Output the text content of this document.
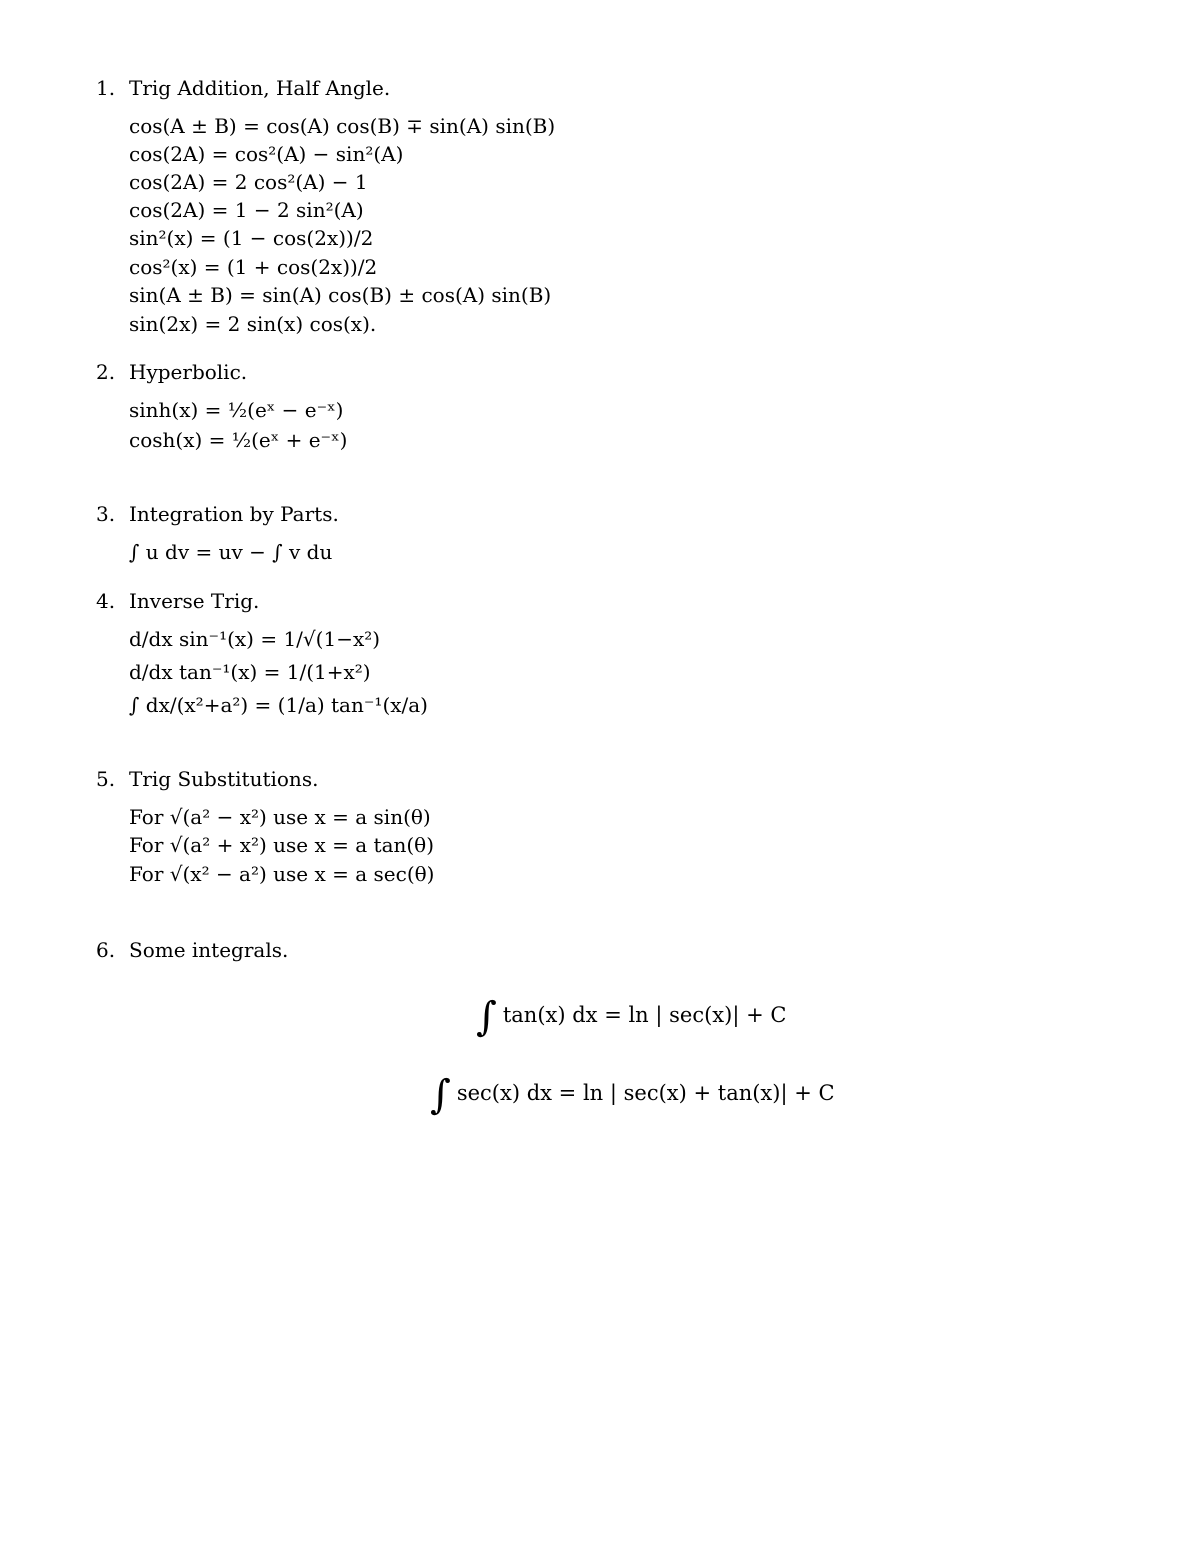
1. Trig Addition, Half Angle.
cos(A ± B) = cos(A) cos(B) ∓ sin(A) sin(B)
cos(2A) = cos²(A) − sin²(A)
cos(2A) = 2 cos²(A) − 1
cos(2A) = 1 − 2 sin²(A)
sin²(x) = (1 − cos(2x))/2
cos²(x) = (1 + cos(2x))/2
sin(A ± B) = sin(A) cos(B) ± cos(A) sin(B)
sin(2x) = 2 sin(x) cos(x).
2. Hyperbolic.
sinh(x) = ½(eˣ − e⁻ˣ)
cosh(x) = ½(eˣ + e⁻ˣ)
3. Integration by Parts.
∫ u dv = uv − ∫ v du
4. Inverse Trig.
d/dx sin⁻¹(x) = 1/√(1−x²)
d/dx tan⁻¹(x) = 1/(1+x²)
∫ dx/(x²+a²) = (1/a) tan⁻¹(x/a)
5. Trig Substitutions.
For √(a² − x²) use x = a sin(θ)
For √(a² + x²) use x = a tan(θ)
For √(x² − a²) use x = a sec(θ)
6. Some integrals.
∫ tan(x) dx = ln | sec(x)| + C
∫ sec(x) dx = ln | sec(x) + tan(x)| + C
